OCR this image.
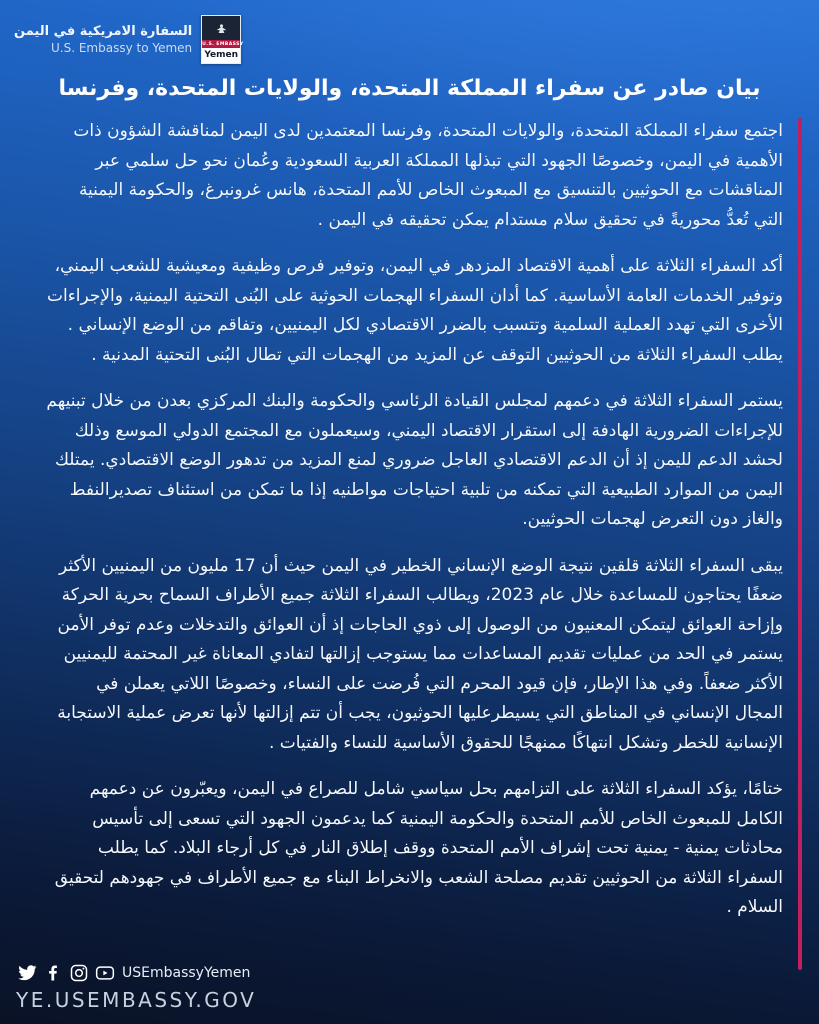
السفارة الامريكية في اليمن
U.S. Embassy to Yemen U.S. EMBASSY
Yemen
بيان صادر عن سفراء المملكة المتحدة، والولايات المتحدة، وفرنسا

اجتمع سفراء المملكة المتحدة، والولايات المتحدة، وفرنسا المعتمدين لدى اليمن لمناقشة الشؤون ذات الأهمية في اليمن، وخصوصًا الجهود التي تبذلها المملكة العربية السعودية وعُمان نحو حل سلمي عبر المناقشات مع الحوثيين بالتنسيق مع المبعوث الخاص للأمم المتحدة، هانس غرونبرغ، والحكومة اليمنية التي تُعدُّ محوريةً في تحقيق سلام مستدام يمكن تحقيقه في اليمن .

أكد السفراء الثلاثة على أهمية الاقتصاد المزدهر في اليمن، وتوفير فرص وظيفية ومعيشية للشعب اليمني، وتوفير الخدمات العامة الأساسية. كما أدان السفراء الهجمات الحوثية على البُنى التحتية اليمنية، والإجراءات الأخرى التي تهدد العملية السلمية وتتسبب بالضرر الاقتصادي لكل اليمنيين، وتفاقم من الوضع الإنساني . يطلب السفراء الثلاثة من الحوثيين التوقف عن المزيد من الهجمات التي تطال البُنى التحتية المدنية .

يستمر السفراء الثلاثة في دعمهم لمجلس القيادة الرئاسي والحكومة والبنك المركزي بعدن من خلال تبنيهم للإجراءات الضرورية الهادفة إلى استقرار الاقتصاد اليمني، وسيعملون مع المجتمع الدولي الموسع وذلك لحشد الدعم لليمن إذ أن الدعم الاقتصادي العاجل ضروري لمنع المزيد من تدهور الوضع الاقتصادي. يمتلك اليمن من الموارد الطبيعية التي تمكنه من تلبية احتياجات مواطنيه إذا ما تمكن من استئناف تصديرالنفط والغاز دون التعرض لهجمات الحوثيين.

يبقى السفراء الثلاثة قلقين نتيجة الوضع الإنساني الخطير في اليمن حيث أن 17 مليون من اليمنيين الأكثر ضعفًا يحتاجون للمساعدة خلال عام 2023، ويطالب السفراء الثلاثة جميع الأطراف السماح بحرية الحركة وإزاحة العوائق ليتمكن المعنيون من الوصول إلى ذوي الحاجات إذ أن العوائق والتدخلات وعدم توفر الأمن يستمر في الحد من عمليات تقديم المساعدات مما يستوجب إزالتها لتفادي المعاناة غير المحتمة لليمنيين الأكثر ضعفاً. وفي هذا الإطار، فإن قيود المحرم التي فُرضت على النساء، وخصوصًا اللاتي يعملن في المجال الإنساني في المناطق التي يسيطرعليها الحوثيون، يجب أن تتم إزالتها لأنها تعرض عملية الاستجابة الإنسانية للخطر وتشكل انتهاكًا ممنهجًا للحقوق الأساسية للنساء والفتيات .

ختامًا، يؤكد السفراء الثلاثة على التزامهم بحل سياسي شامل للصراع في اليمن، ويعبّرون عن دعمهم الكامل للمبعوث الخاص للأمم المتحدة والحكومة اليمنية كما يدعمون الجهود التي تسعى إلى تأسيس محادثات يمنية - يمنية تحت إشراف الأمم المتحدة ووقف إطلاق النار في كل أرجاء البلاد. كما يطلب السفراء الثلاثة من الحوثيين تقديم مصلحة الشعب والانخراط البناء مع جميع الأطراف في جهودهم لتحقيق السلام .

USEmbassyYemen
YE.USEMBASSY.GOV
